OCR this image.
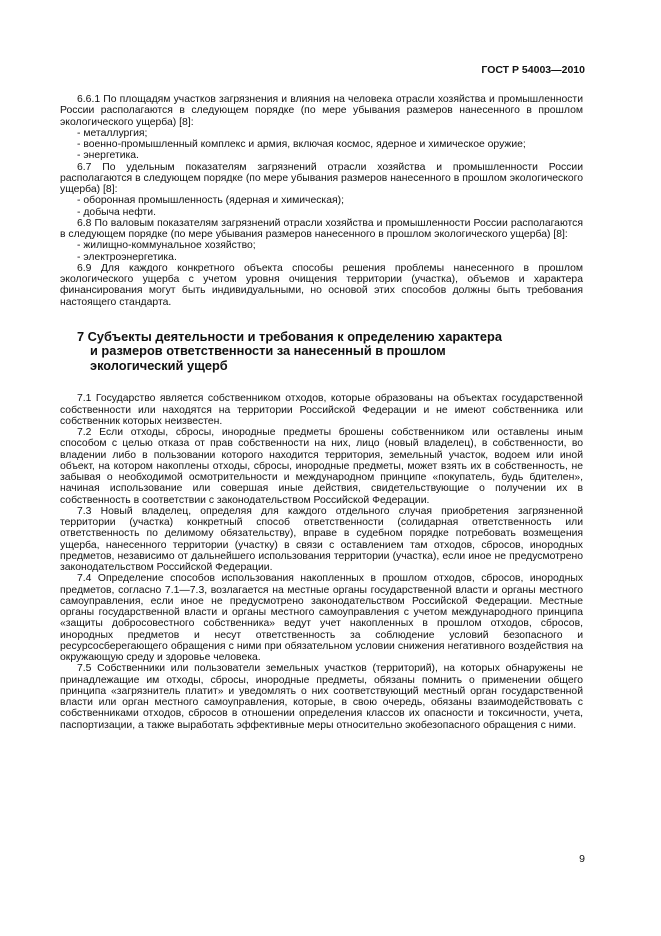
ГОСТ Р 54003—2010

6.6.1 По площадям участков загрязнения и влияния на человека отрасли хозяйства и промышленности России располагаются в следующем порядке (по мере убывания размеров нанесенного в прошлом экологического ущерба) [8]:

- металлургия;

- военно-промышленный комплекс и армия, включая космос, ядерное и химическое оружие;

- энергетика.

6.7 По удельным показателям загрязнений отрасли хозяйства и промышленности России располагаются в следующем порядке (по мере убывания размеров нанесенного в прошлом экологического ущерба) [8]:

- оборонная промышленность (ядерная и химическая);

- добыча нефти.

6.8 По валовым показателям загрязнений отрасли хозяйства и промышленности России располагаются в следующем порядке (по мере убывания размеров нанесенного в прошлом экологического ущерба) [8]:

- жилищно-коммунальное хозяйство;

- электроэнергетика.

6.9 Для каждого конкретного объекта способы решения проблемы нанесенного в прошлом экологического ущерба с учетом уровня очищения территории (участка), объемов и характера финансирования могут быть индивидуальными, но основой этих способов должны быть требования настоящего стандарта.

7 Субъекты деятельности и требования к определению характера
и размеров ответственности за нанесенный в прошлом
экологический ущерб

7.1 Государство является собственником отходов, которые образованы на объектах государственной собственности или находятся на территории Российской Федерации и не имеют собственника или собственник которых неизвестен.

7.2 Если отходы, сбросы, инородные предметы брошены собственником или оставлены иным способом с целью отказа от прав собственности на них, лицо (новый владелец), в собственности, во владении либо в пользовании которого находится территория, земельный участок, водоем или иной объект, на котором накоплены отходы, сбросы, инородные предметы, может взять их в собственность, не забывая о необходимой осмотрительности и международном принципе «покупатель, будь бдителен», начиная использование или совершая иные действия, свидетельствующие о получении их в собственность в соответствии с законодательством Российской Федерации.

7.3 Новый владелец, определяя для каждого отдельного случая приобретения загрязненной территории (участка) конкретный способ ответственности (солидарная ответственность или ответственность по делимому обязательству), вправе в судебном порядке потребовать возмещения ущерба, нанесенного территории (участку) в связи с оставлением там отходов, сбросов, инородных предметов, независимо от дальнейшего использования территории (участка), если иное не предусмотрено законодательством Российской Федерации.

7.4 Определение способов использования накопленных в прошлом отходов, сбросов, инородных предметов, согласно 7.1—7.3, возлагается на местные органы государственной власти и органы местного самоуправления, если иное не предусмотрено законодательством Российской Федерации. Местные органы государственной власти и органы местного самоуправления с учетом международного принципа «защиты добросовестного собственника» ведут учет накопленных в прошлом отходов, сбросов, инородных предметов и несут ответственность за соблюдение условий безопасного и ресурсосберегающего обращения с ними при обязательном условии снижения негативного воздействия на окружающую среду и здоровье человека.

7.5 Собственники или пользователи земельных участков (территорий), на которых обнаружены не принадлежащие им отходы, сбросы, инородные предметы, обязаны помнить о применении общего принципа «загрязнитель платит» и уведомлять о них соответствующий местный орган государственной власти или орган местного самоуправления, которые, в свою очередь, обязаны взаимодействовать с собственниками отходов, сбросов в отношении определения классов их опасности и токсичности, учета, паспортизации, а также выработать эффективные меры относительно экобезопасного обращения с ними.

9
